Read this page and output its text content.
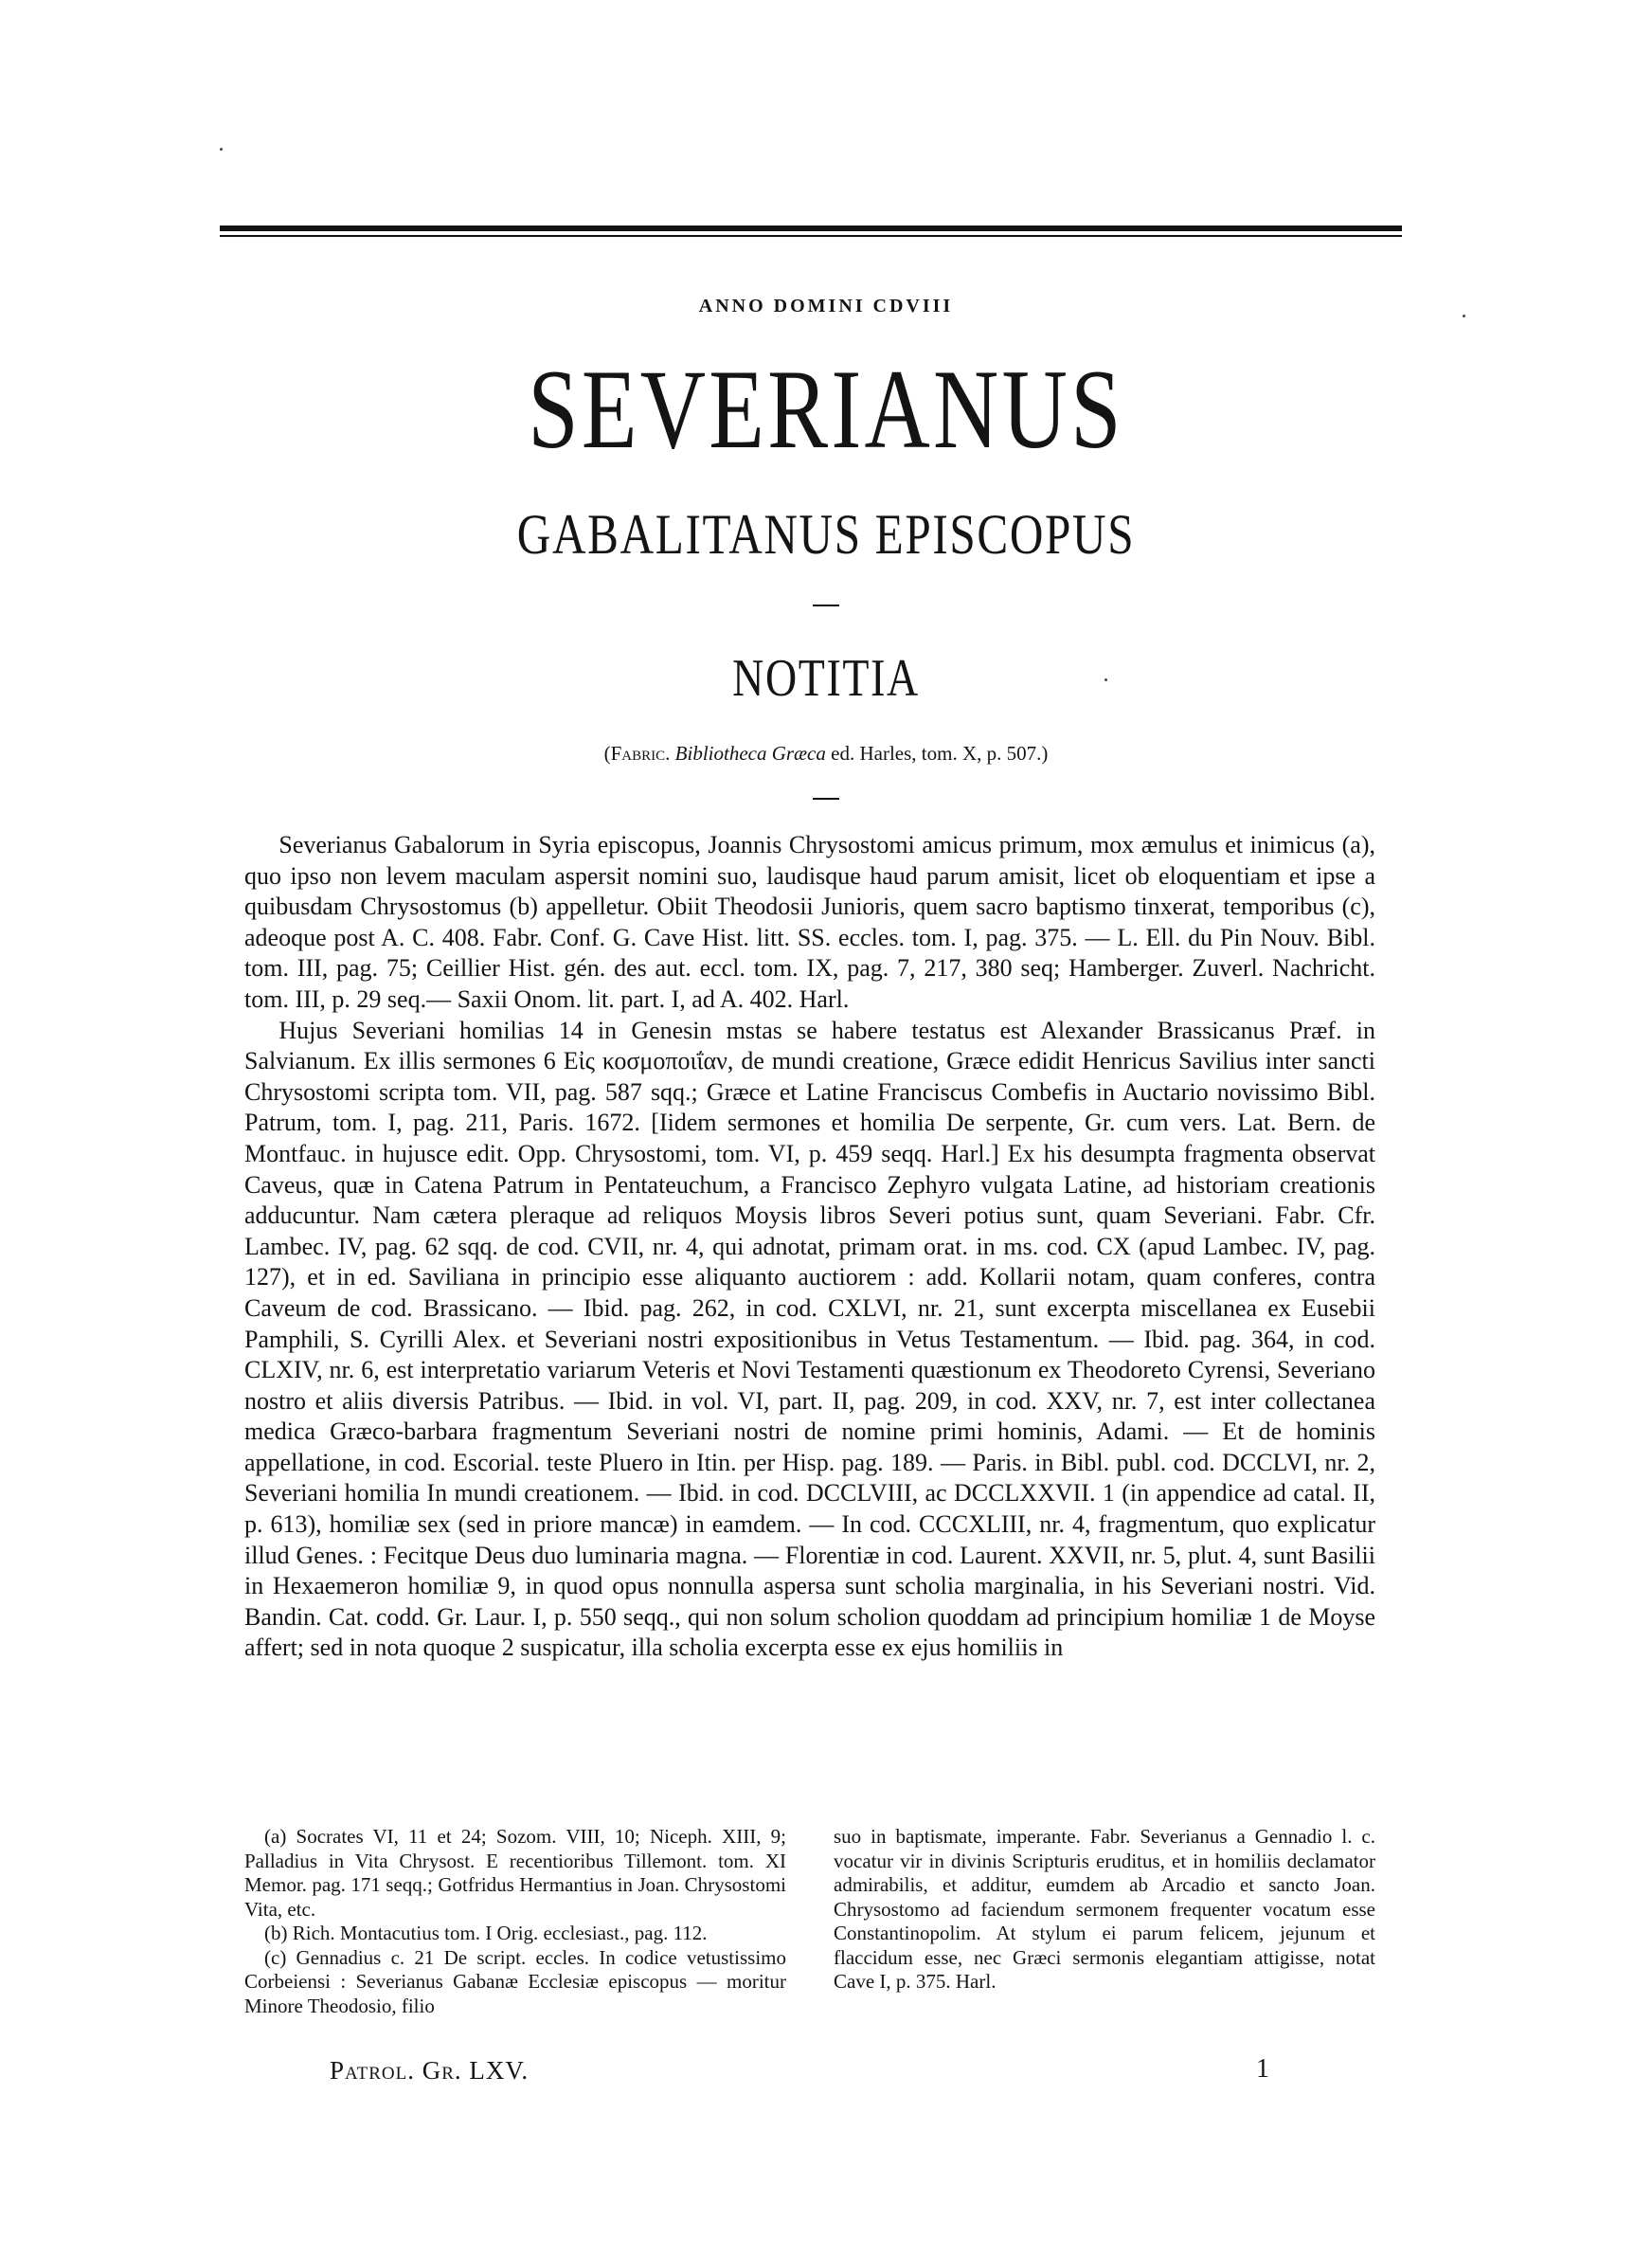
ANNO DOMINI CDVIII
SEVERIANUS
GABALITANUS EPISCOPUS
NOTITIA
(Fabric. Bibliotheca Græca ed. Harles, tom. X, p. 507.)

Severianus Gabalorum in Syria episcopus, Joannis Chrysostomi amicus primum, mox æmulus et inimicus (a), quo ipso non levem maculam aspersit nomini suo, laudisque haud parum amisit, licet ob eloquentiam et ipse a quibusdam Chrysostomus (b) appelletur. Obiit Theodosii Junioris, quem sacro baptismo tinxerat, temporibus (c), adeoque post A. C. 408. Fabr. Conf. G. Cave Hist. litt. SS. eccles. tom. I, pag. 375. — L. Ell. du Pin Nouv. Bibl. tom. III, pag. 75; Ceillier Hist. gén. des aut. eccl. tom. IX, pag. 7, 217, 380 seq; Hamberger. Zuverl. Nachricht. tom. III, p. 29 seq.— Saxii Onom. lit. part. I, ad A. 402. Harl.

Hujus Severiani homilias 14 in Genesin mstas se habere testatus est Alexander Brassicanus Præf. in Salvianum. Ex illis sermones 6 Εἰς κοσμοποιΐαν, de mundi creatione, Græce edidit Henricus Savilius inter sancti Chrysostomi scripta tom. VII, pag. 587 sqq.; Græce et Latine Franciscus Combefis in Auctario novissimo Bibl. Patrum, tom. I, pag. 211, Paris. 1672. [Iidem sermones et homilia De serpente, Gr. cum vers. Lat. Bern. de Montfauc. in hujusce edit. Opp. Chrysostomi, tom. VI, p. 459 seqq. Harl.] Ex his desumpta fragmenta observat Caveus, quæ in Catena Patrum in Pentateuchum, a Francisco Zephyro vulgata Latine, ad historiam creationis adducuntur. Nam cætera pleraque ad reliquos Moysis libros Severi potius sunt, quam Severiani. Fabr. Cfr. Lambec. IV, pag. 62 sqq. de cod. CVII, nr. 4, qui adnotat, primam orat. in ms. cod. CX (apud Lambec. IV, pag. 127), et in ed. Saviliana in principio esse aliquanto auctiorem : add. Kollarii notam, quam conferes, contra Caveum de cod. Brassicano. — Ibid. pag. 262, in cod. CXLVI, nr. 21, sunt excerpta miscellanea ex Eusebii Pamphili, S. Cyrilli Alex. et Severiani nostri expositionibus in Vetus Testamentum. — Ibid. pag. 364, in cod. CLXIV, nr. 6, est interpretatio variarum Veteris et Novi Testamenti quæstionum ex Theodoreto Cyrensi, Severiano nostro et aliis diversis Patribus. — Ibid. in vol. VI, part. II, pag. 209, in cod. XXV, nr. 7, est inter collectanea medica Græco-barbara fragmentum Severiani nostri de nomine primi hominis, Adami. — Et de hominis appellatione, in cod. Escorial. teste Pluero in Itin. per Hisp. pag. 189. — Paris. in Bibl. publ. cod. DCCLVI, nr. 2, Severiani homilia In mundi creationem. — Ibid. in cod. DCCLVIII, ac DCCLXXVII. 1 (in appendice ad catal. II, p. 613), homiliæ sex (sed in priore mancæ) in eamdem. — In cod. CCCXLIII, nr. 4, fragmentum, quo explicatur illud Genes. : Fecitque Deus duo luminaria magna. — Florentiæ in cod. Laurent. XXVII, nr. 5, plut. 4, sunt Basilii in Hexaemeron homiliæ 9, in quod opus nonnulla aspersa sunt scholia marginalia, in his Severiani nostri. Vid. Bandin. Cat. codd. Gr. Laur. I, p. 550 seqq., qui non solum scholion quoddam ad principium homiliæ 1 de Moyse affert; sed in nota quoque 2 suspicatur, illa scholia excerpta esse ex ejus homiliis in

(a) Socrates VI, 11 et 24; Sozom. VIII, 10; Niceph. XIII, 9; Palladius in Vita Chrysost. E recentioribus Tillemont. tom. XI Memor. pag. 171 seqq.; Gotfridus Hermantius in Joan. Chrysostomi Vita, etc.

(b) Rich. Montacutius tom. I Orig. ecclesiast., pag. 112.

(c) Gennadius c. 21 De script. eccles. In codice vetustissimo Corbeiensi : Severianus Gabanæ Ecclesiæ episcopus — moritur Minore Theodosio, filio

suo in baptismate, imperante. Fabr. Severianus a Gennadio l. c. vocatur vir in divinis Scripturis eruditus, et in homiliis declamator admirabilis, et additur, eumdem ab Arcadio et sancto Joan. Chrysostomo ad faciendum sermonem frequenter vocatum esse Constantinopolim. At stylum ei parum felicem, jejunum et flaccidum esse, nec Græci sermonis elegantiam attigisse, notat Cave I, p. 375. Harl.

Patrol. Gr. LXV.	1
